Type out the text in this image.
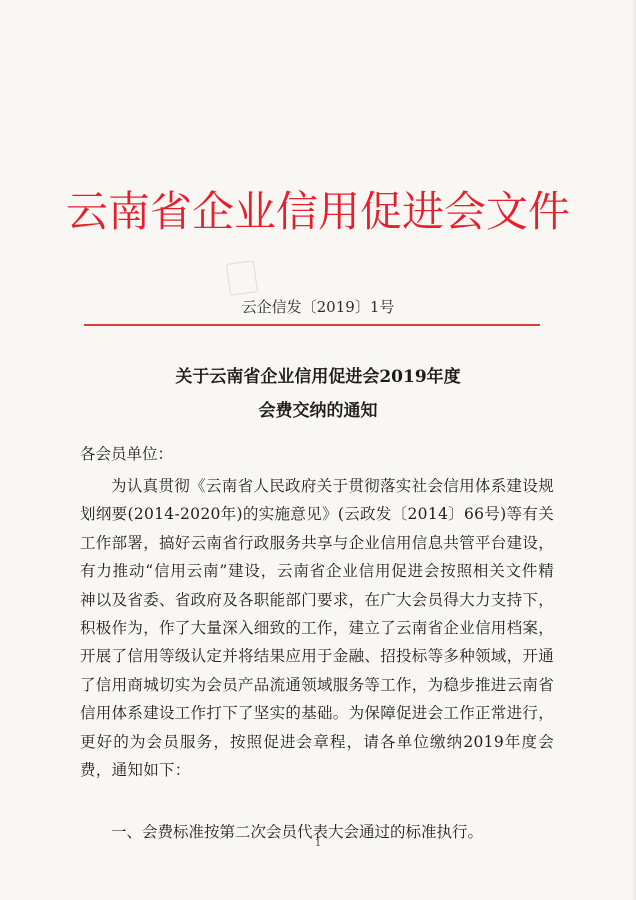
云南省企业信用促进会文件
云企信发〔2019〕1号
关于云南省企业信用促进会2019年度
会费交纳的通知
各会员单位：
为认真贯彻《云南省人民政府关于贯彻落实社会信用体系建设规划纲要(2014-2020年)的实施意见》(云政发〔2014〕66号)等有关工作部署，搞好云南省行政服务共享与企业信用信息共管平台建设，有力推动“信用云南”建设，云南省企业信用促进会按照相关文件精神以及省委、省政府及各职能部门要求，在广大会员得大力支持下，积极作为，作了大量深入细致的工作，建立了云南省企业信用档案，开展了信用等级认定并将结果应用于金融、招投标等多种领域，开通了信用商城切实为会员产品流通领域服务等工作，为稳步推进云南省信用体系建设工作打下了坚实的基础。为保障促进会工作正常进行，更好的为会员服务，按照促进会章程，请各单位缴纳2019年度会费，通知如下：
一、会费标准按第二次会员代表大会通过的标准执行。
1
